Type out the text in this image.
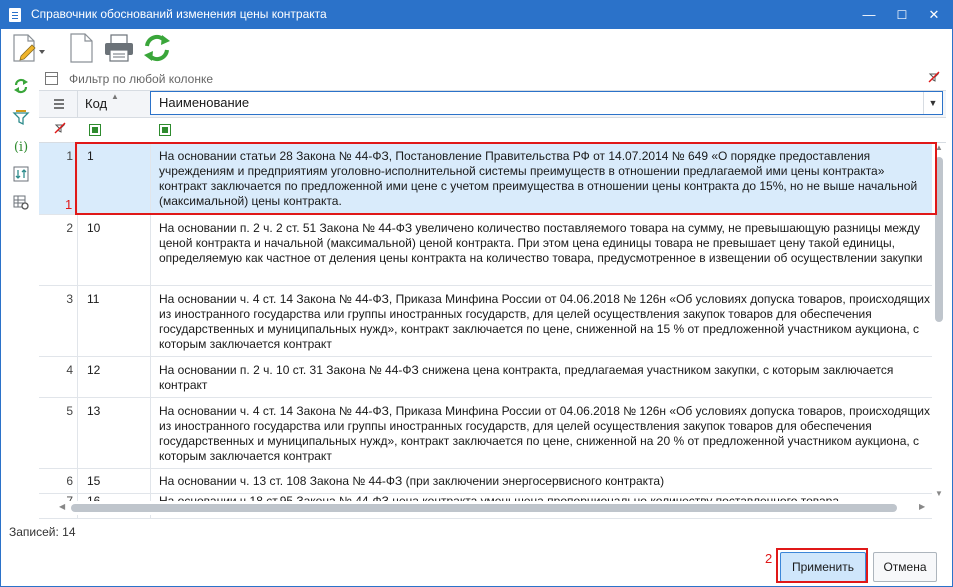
Справочник обоснований изменения цены контракта	—	☐	✕
(i)
Фильтр по любой колонке
Код ▲	Наименование	▼
1	1	На основании статьи 28 Закона № 44-ФЗ, Постановление Правительства РФ от 14.07.2014 № 649 «О порядке предоставления учреждениям и предприятиям уголовно-исполнительной системы преимуществ в отношении предлагаемой ими цены контракта» контракт заключается по предложенной ими цене с учетом преимущества в отношении цены контракта до 15%, но не выше начальной (максимальной) цены контракта.
2	10	На основании п. 2 ч. 2 ст. 51 Закона № 44-ФЗ увеличено количество поставляемого товара на сумму, не превышающую разницы между ценой контракта и начальной (максимальной) ценой контракта. При этом цена единицы товара не превышает цену такой единицы, определяемую как частное от деления цены контракта на количество товара, предусмотренное в извещении об осуществлении закупки
3	11	На основании ч. 4 ст. 14 Закона № 44-ФЗ, Приказа Минфина России от 04.06.2018 № 126н «Об условиях допуска товаров, происходящих из иностранного государства или группы иностранных государств, для целей осуществления закупок товаров для обеспечения государственных и муниципальных нужд», контракт заключается по цене, сниженной на 15 % от предложенной участником аукциона, с которым заключается контракт
4	12	На основании п. 2 ч. 10 ст. 31 Закона № 44-ФЗ снижена цена контракта, предлагаемая участником закупки, с которым заключается контракт
5	13	На основании ч. 4 ст. 14 Закона № 44-ФЗ, Приказа Минфина России от 04.06.2018 № 126н «Об условиях допуска товаров, происходящих из иностранного государства или группы иностранных государств, для целей осуществления закупок товаров для обеспечения государственных и муниципальных нужд», контракт заключается по цене, сниженной на 20 % от предложенной участником аукциона, с которым заключается контракт
6	15	На основании ч. 13 ст. 108 Закона № 44-ФЗ (при заключении энергосервисного контракта)
▲
▼
◀	▶
Записей: 14
Применить	Отмена
1
2
